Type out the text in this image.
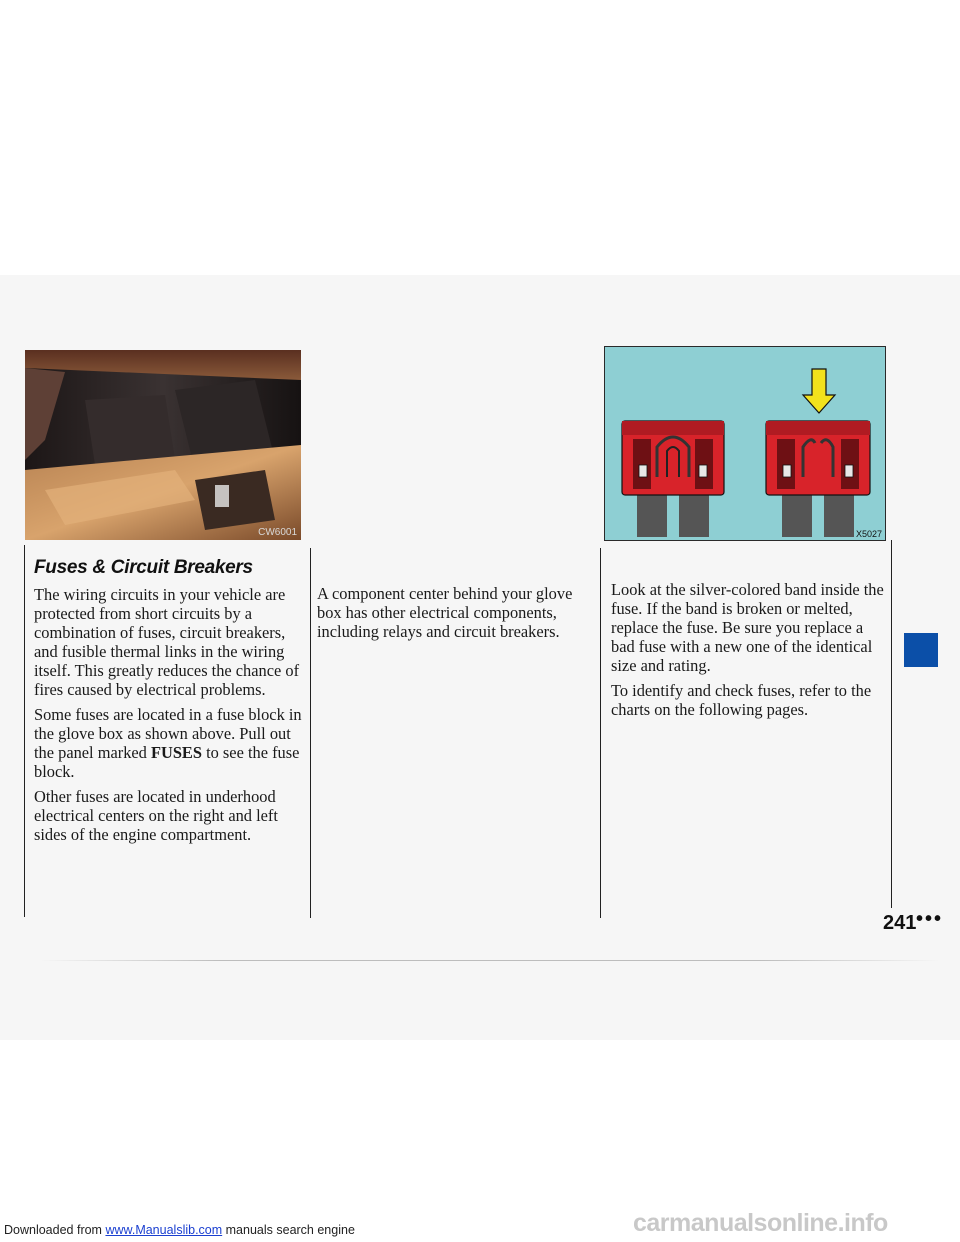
CW6001	X5027
Fuses & Circuit Breakers

The wiring circuits in your vehicle are protected from short circuits by a combination of fuses, circuit breakers, and fusible thermal links in the wiring itself. This greatly reduces the chance of fires caused by electrical problems.

Some fuses are located in a fuse block in the glove box as shown above. Pull out the panel marked FUSES to see the fuse block.

Other fuses are located in underhood electrical centers on the right and left sides of the engine compartment.

A component center behind your glove box has other electrical components, including relays and circuit breakers.

Look at the silver-colored band inside the fuse. If the band is broken or melted, replace the fuse. Be sure you replace a bad fuse with a new one of the identical size and rating.

To identify and check fuses, refer to the charts on the following pages.

241 •••
Downloaded from www.Manualslib.com manuals search engine	carmanualsonline.info
